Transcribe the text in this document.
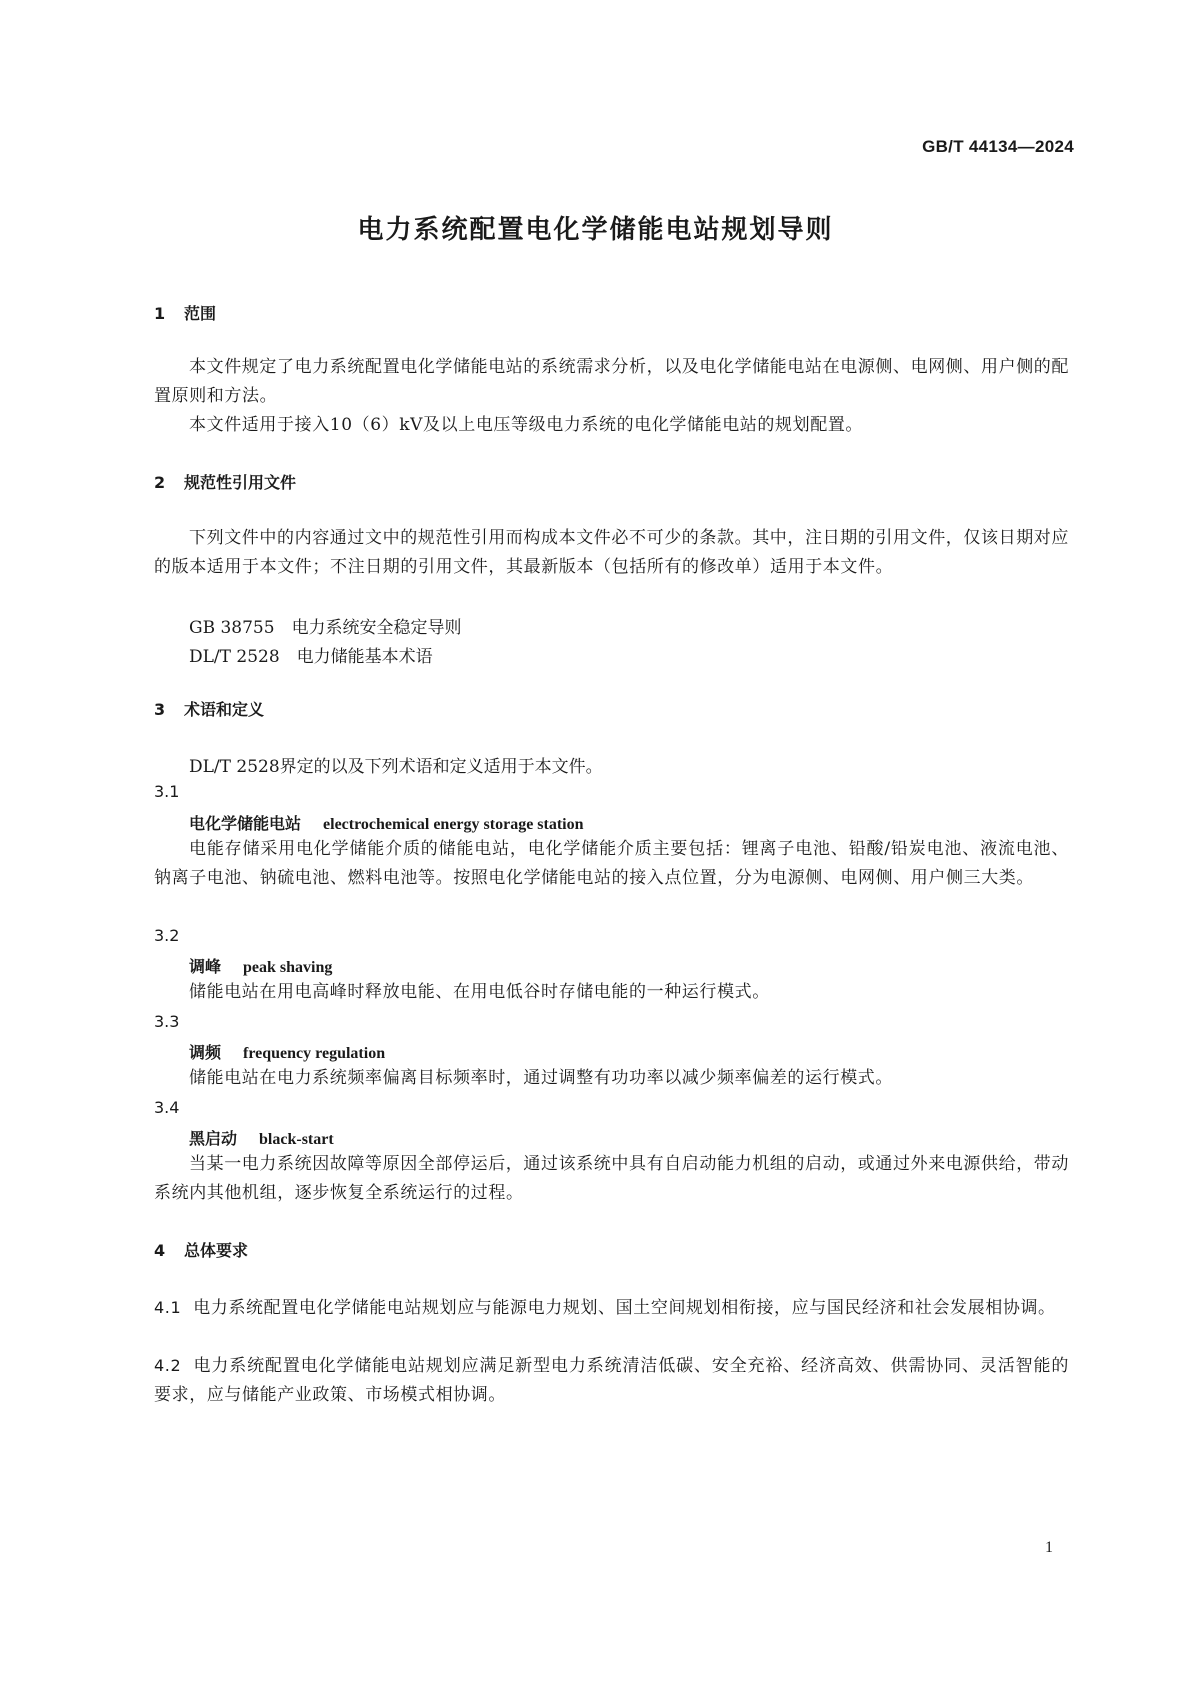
GB/T 44134—2024
电力系统配置电化学储能电站规划导则
1 范围
本文件规定了电力系统配置电化学储能电站的系统需求分析，以及电化学储能电站在电源侧、电网侧、用户侧的配置原则和方法。
本文件适用于接入10（6）kV及以上电压等级电力系统的电化学储能电站的规划配置。
2 规范性引用文件
下列文件中的内容通过文中的规范性引用而构成本文件必不可少的条款。其中，注日期的引用文件，仅该日期对应的版本适用于本文件；不注日期的引用文件，其最新版本（包括所有的修改单）适用于本文件。
GB 38755 电力系统安全稳定导则
DL/T 2528 电力储能基本术语
3 术语和定义
DL/T 2528界定的以及下列术语和定义适用于本文件。
3.1
电化学储能电站 electrochemical energy storage station
电能存储采用电化学储能介质的储能电站，电化学储能介质主要包括：锂离子电池、铅酸/铅炭电池、液流电池、钠离子电池、钠硫电池、燃料电池等。按照电化学储能电站的接入点位置，分为电源侧、电网侧、用户侧三大类。
3.2
调峰 peak shaving
储能电站在用电高峰时释放电能、在用电低谷时存储电能的一种运行模式。
3.3
调频 frequency regulation
储能电站在电力系统频率偏离目标频率时，通过调整有功功率以减少频率偏差的运行模式。
3.4
黑启动 black-start
当某一电力系统因故障等原因全部停运后，通过该系统中具有自启动能力机组的启动，或通过外来电源供给，带动系统内其他机组，逐步恢复全系统运行的过程。
4 总体要求
4.1 电力系统配置电化学储能电站规划应与能源电力规划、国土空间规划相衔接，应与国民经济和社会发展相协调。
4.2 电力系统配置电化学储能电站规划应满足新型电力系统清洁低碳、安全充裕、经济高效、供需协同、灵活智能的要求，应与储能产业政策、市场模式相协调。
1
